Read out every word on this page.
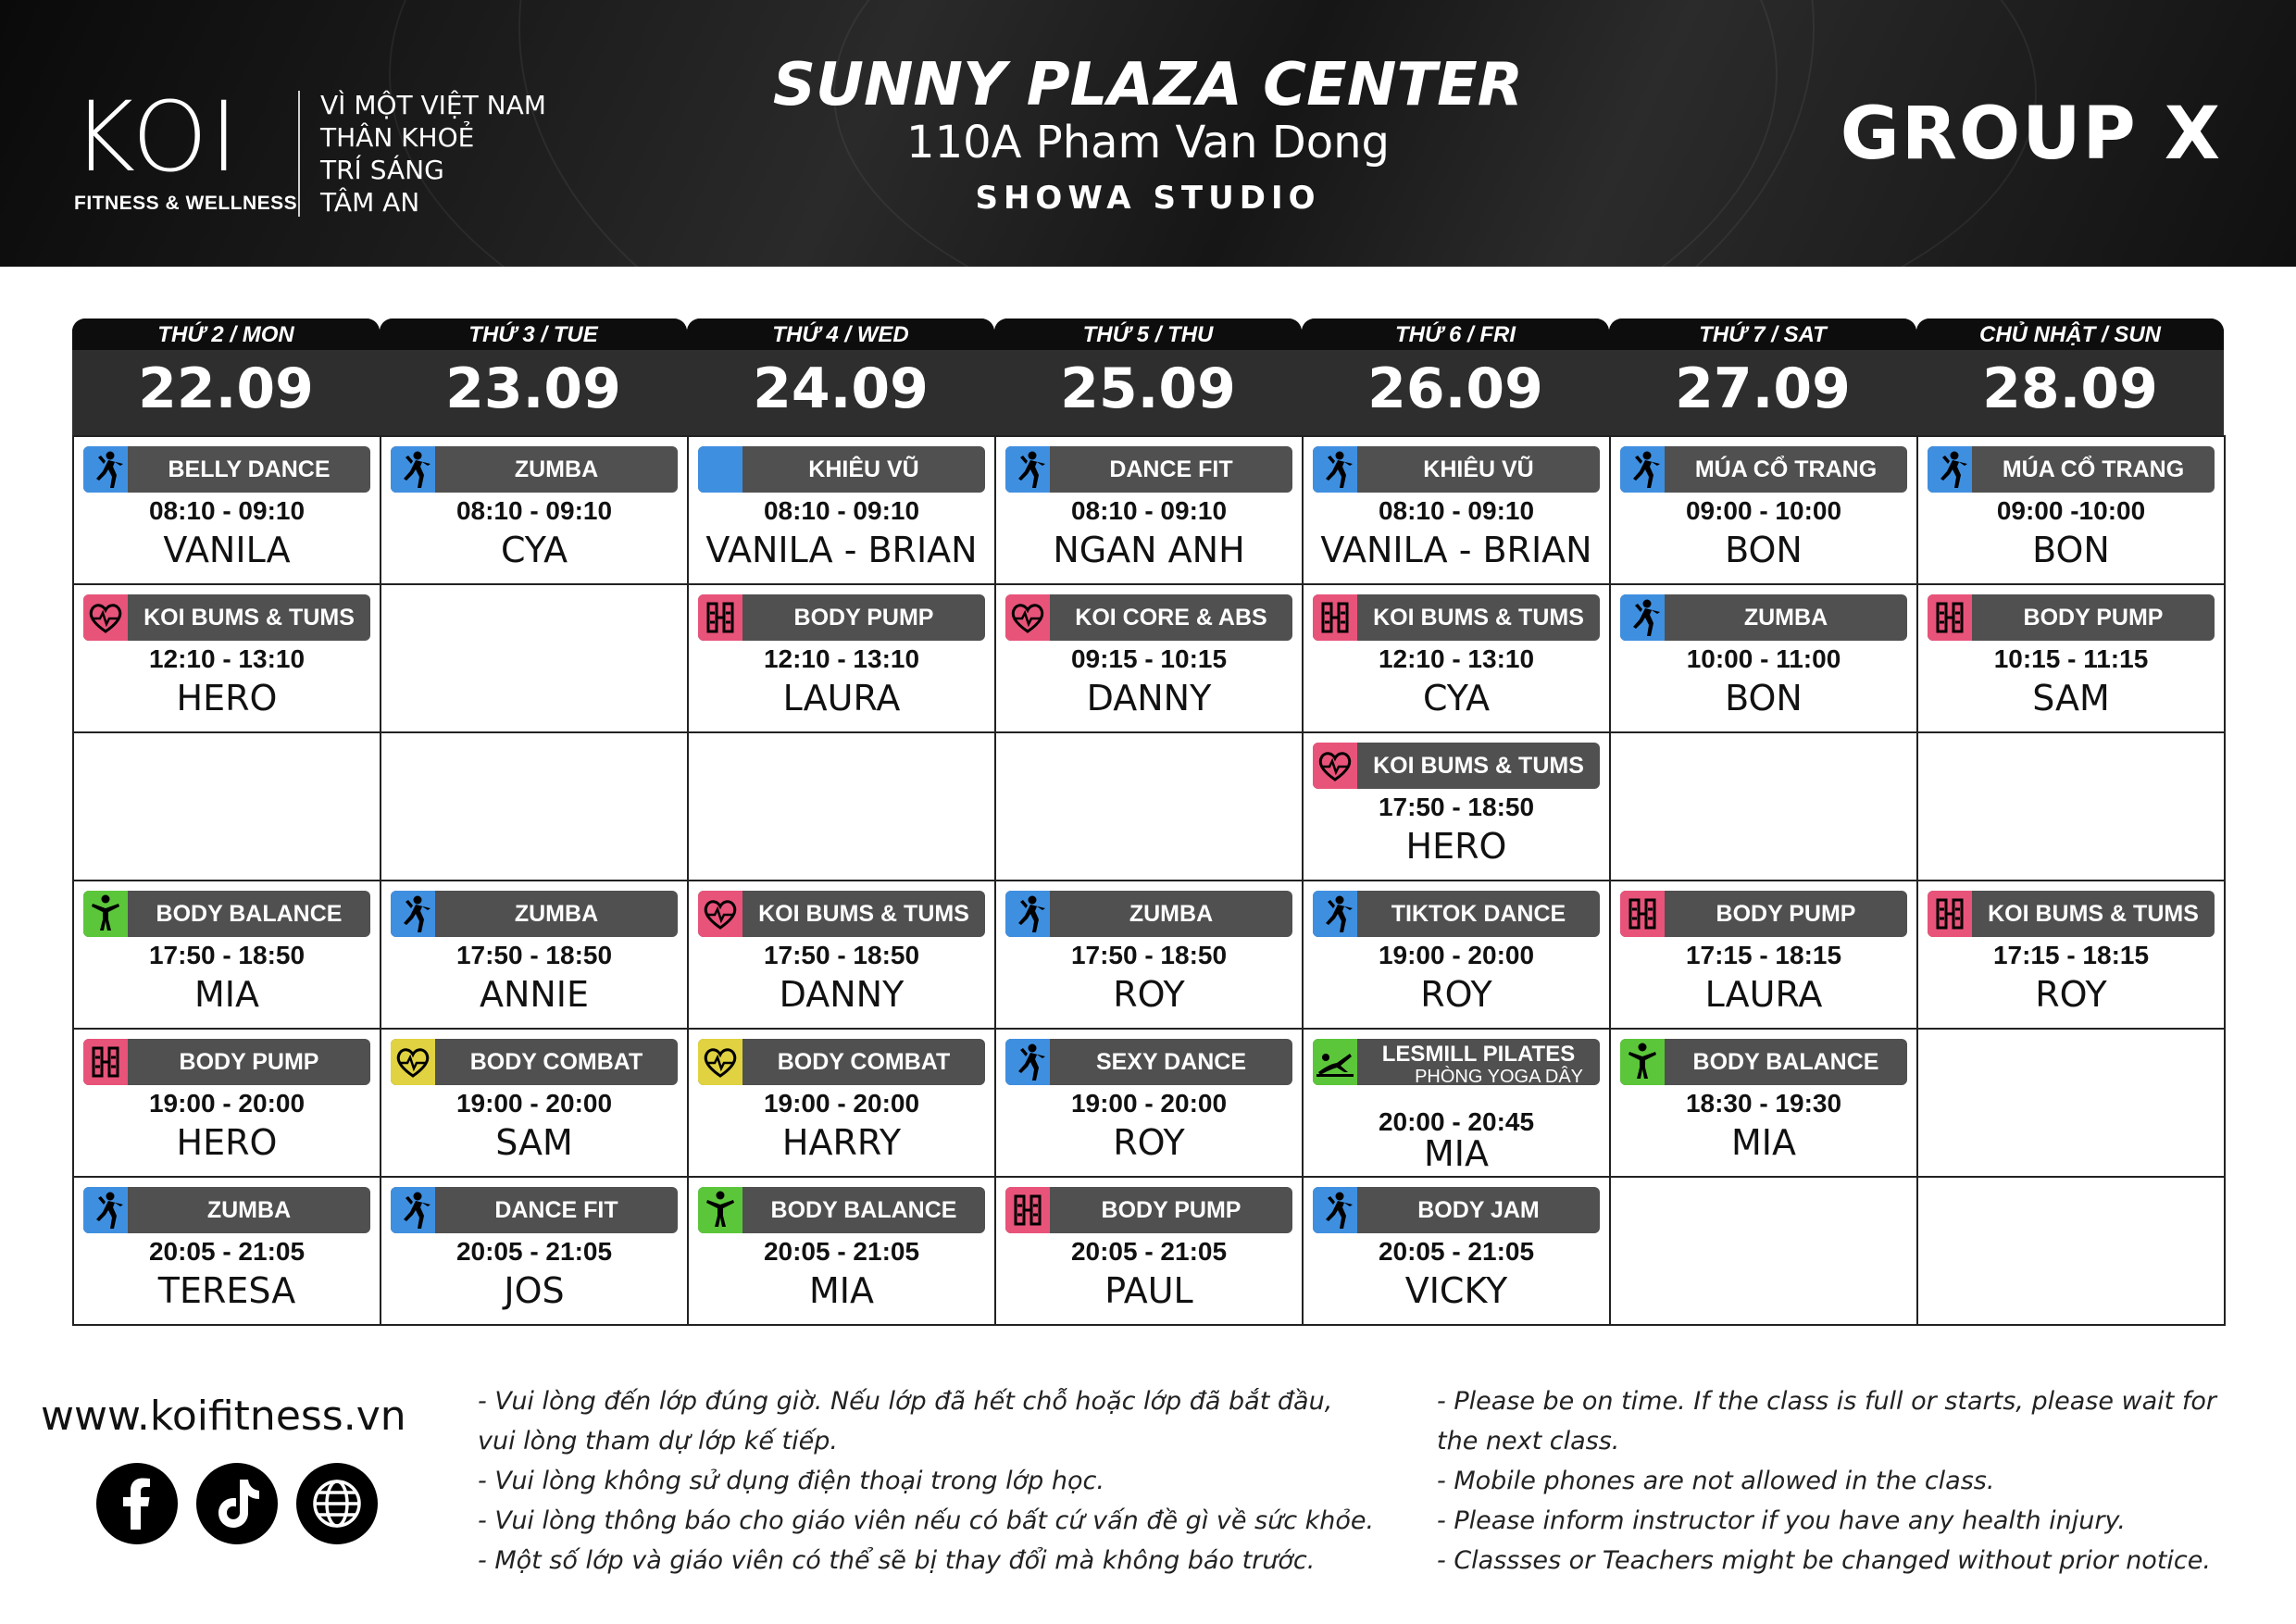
KOI
FITNESS & WELLNESS
VÌ MỘT VIỆT NAM
THÂN KHOẺ
TRÍ SÁNG
TÂM AN
SUNNY PLAZA CENTER
110A Pham Van Dong
SHOWA STUDIO
GROUP X
THỨ 2 / MON
22.09
THỨ 3 / TUE
23.09
THỨ 4 / WED
24.09
THỨ 5 / THU
25.09
THỨ 6 / FRI
26.09
THỨ 7 / SAT
27.09
CHỦ NHẬT / SUN
28.09
BELLY DANCE
08:10 - 09:10
VANILA
ZUMBA
08:10 - 09:10
CYA
KHIÊU VŨ
08:10 - 09:10
VANILA - BRIAN
DANCE FIT
08:10 - 09:10
NGAN ANH
KHIÊU VŨ
08:10 - 09:10
VANILA - BRIAN
MÚA CỔ TRANG
09:00 - 10:00
BON
MÚA CỔ TRANG
09:00 -10:00
BON
KOI BUMS & TUMS
12:10 - 13:10
HERO
BODY PUMP
12:10 - 13:10
LAURA
KOI CORE & ABS
09:15 - 10:15
DANNY
KOI BUMS & TUMS
12:10 - 13:10
CYA
ZUMBA
10:00 - 11:00
BON
BODY PUMP
10:15 - 11:15
SAM
KOI BUMS & TUMS
17:50 - 18:50
HERO
BODY BALANCE
17:50 - 18:50
MIA
ZUMBA
17:50 - 18:50
ANNIE
KOI BUMS & TUMS
17:50 - 18:50
DANNY
ZUMBA
17:50 - 18:50
ROY
TIKTOK DANCE
19:00 - 20:00
ROY
BODY PUMP
17:15 - 18:15
LAURA
KOI BUMS & TUMS
17:15 - 18:15
ROY
BODY PUMP
19:00 - 20:00
HERO
BODY COMBAT
19:00 - 20:00
SAM
BODY COMBAT
19:00 - 20:00
HARRY
SEXY DANCE
19:00 - 20:00
ROY
LESMILL PILATES
PHÒNG YOGA DÂY
20:00 - 20:45
MIA
BODY BALANCE
18:30 - 19:30
MIA
ZUMBA
20:05 - 21:05
TERESA
DANCE FIT
20:05 - 21:05
JOS
BODY BALANCE
20:05 - 21:05
MIA
BODY PUMP
20:05 - 21:05
PAUL
BODY JAM
20:05 - 21:05
VICKY
www.koifitness.vn	- Vui lòng đến lớp đúng giờ. Nếu lớp đã hết chỗ hoặc lớp đã bắt đầu,
vui lòng tham dự lớp kế tiếp.
- Vui lòng không sử dụng điện thoại trong lớp học.
- Vui lòng thông báo cho giáo viên nếu có bất cứ vấn đề gì về sức khỏe.
- Một số lớp và giáo viên có thể sẽ bị thay đổi mà không báo trước.
- Please be on time. If the class is full or starts, please wait for
the next class.
- Mobile phones are not allowed in the class.
- Please inform instructor if you have any health injury.
- Classses or Teachers might be changed without prior notice.
